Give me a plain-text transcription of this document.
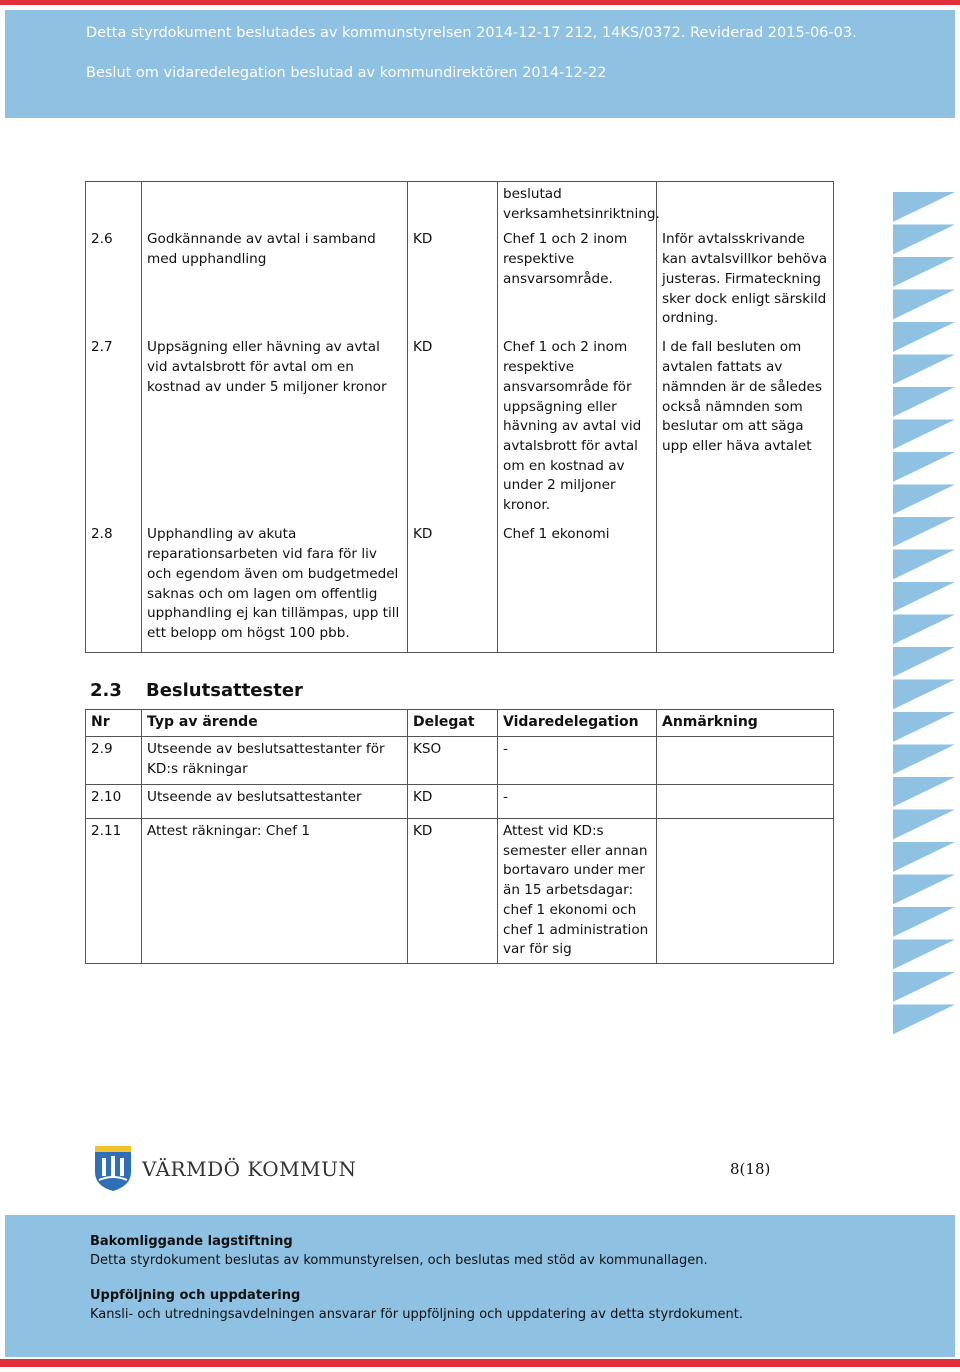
Detta styrdokument beslutades av kommunstyrelsen 2014-12-17 212, 14KS/0372. Reviderad 2015-06-03.
Beslut om vidaredelegation beslutad av kommundirektören 2014-12-22
			beslutad verksamhetsinriktning.	
2.6	Godkännande av avtal i samband med upphandling	KD	Chef 1 och 2 inom respektive ansvarsområde.	Inför avtalsskrivande kan avtalsvillkor behöva justeras. Firmateckning sker dock enligt särskild ordning.
2.7	Uppsägning eller hävning av avtal vid avtalsbrott för avtal om en kostnad av under 5 miljoner kronor	KD	Chef 1 och 2 inom respektive ansvarsområde för uppsägning eller hävning av avtal vid avtalsbrott för avtal om en kostnad av under 2 miljoner kronor.	I de fall besluten om avtalen fattats av nämnden är de således också nämnden som beslutar om att säga upp eller häva avtalet
2.8	Upphandling av akuta reparationsarbeten vid fara för liv och egendom även om budgetmedel saknas och om lagen om offentlig upphandling ej kan tillämpas, upp till ett belopp om högst 100 pbb.	KD	Chef 1 ekonomi	
2.3 Beslutsattester
Nr	Typ av ärende	Delegat	Vidaredelegation	Anmärkning
2.9	Utseende av beslutsattestanter för KD:s räkningar	KSO	-	
2.10	Utseende av beslutsattestanter	KD	-	
2.11	Attest räkningar: Chef 1	KD	Attest vid KD:s semester eller annan bortavaro under mer än 15 arbetsdagar: chef 1 ekonomi och chef 1 administration var för sig	
VÄRMDÖ KOMMUN	8(18)
Bakomliggande lagstiftning
Detta styrdokument beslutas av kommunstyrelsen, och beslutas med stöd av kommunallagen.
Uppföljning och uppdatering
Kansli- och utredningsavdelningen ansvarar för uppföljning och uppdatering av detta styrdokument.
